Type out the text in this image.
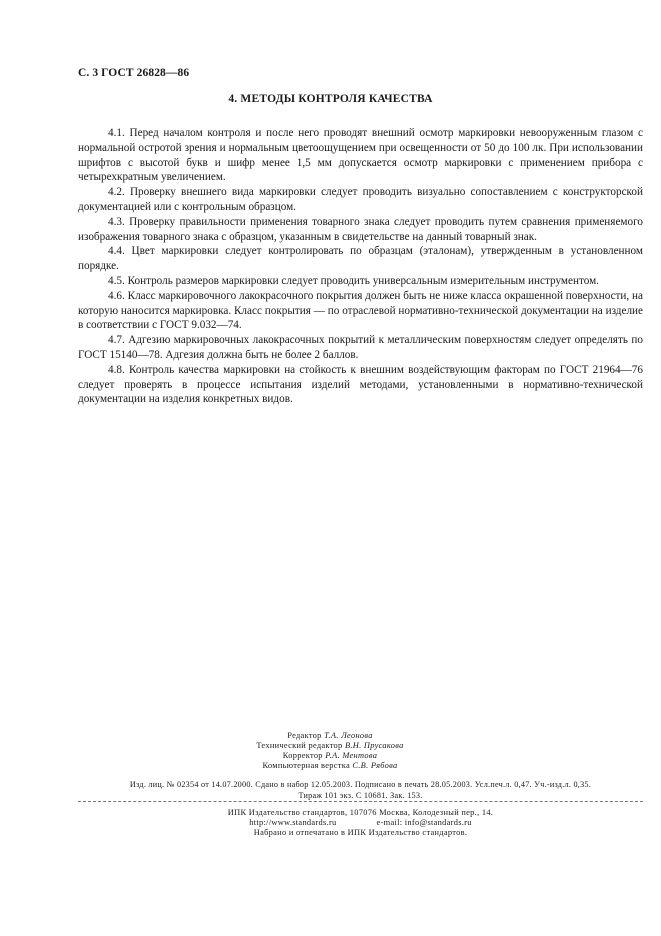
С. 3 ГОСТ 26828—86
4. МЕТОДЫ КОНТРОЛЯ КАЧЕСТВА

4.1. Перед началом контроля и после него проводят внешний осмотр маркировки невооруженным глазом с нормальной остротой зрения и нормальным цветоощущением при освещенности от 50 до 100 лк. При использовании шрифтов с высотой букв и шифр менее 1,5 мм допускается осмотр маркировки с применением прибора с четырехкратным увеличением.

4.2. Проверку внешнего вида маркировки следует проводить визуально сопоставлением с конструкторской документацией или с контрольным образцом.

4.3. Проверку правильности применения товарного знака следует проводить путем сравнения применяемого изображения товарного знака с образцом, указанным в свидетельстве на данный товарный знак.

4.4. Цвет маркировки следует контролировать по образцам (эталонам), утвержденным в установленном порядке.

4.5. Контроль размеров маркировки следует проводить универсальным измерительным инструментом.

4.6. Класс маркировочного лакокрасочного покрытия должен быть не ниже класса окрашенной поверхности, на которую наносится маркировка. Класс покрытия — по отраслевой нормативно-технической документации на изделие в соответствии с ГОСТ 9.032—74.

4.7. Адгезию маркировочных лакокрасочных покрытий к металлическим поверхностям следует определять по ГОСТ 15140—78. Адгезия должна быть не более 2 баллов.

4.8. Контроль качества маркировки на стойкость к внешним воздействующим факторам по ГОСТ 21964—76 следует проверять в процессе испытания изделий методами, установленными в нормативно-технической документации на изделия конкретных видов.

Редактор Т.А. Леонова
Технический редактор В.Н. Прусакова
Корректор Р.А. Ментова
Компьютерная верстка С.В. Рябова
Изд. лиц. № 02354 от 14.07.2000. Сдано в набор 12.05.2003. Подписано в печать 28.05.2003. Усл.печ.л. 0,47. Уч.-изд.л. 0,35.
Тираж 101 экз. С 10681. Зак. 153.
ИПК Издательство стандартов, 107076 Москва, Колодезный пер., 14.
http://www.standards.ru	e-mail: info@standards.ru
Набрано и отпечатано в ИПК Издательство стандартов.
